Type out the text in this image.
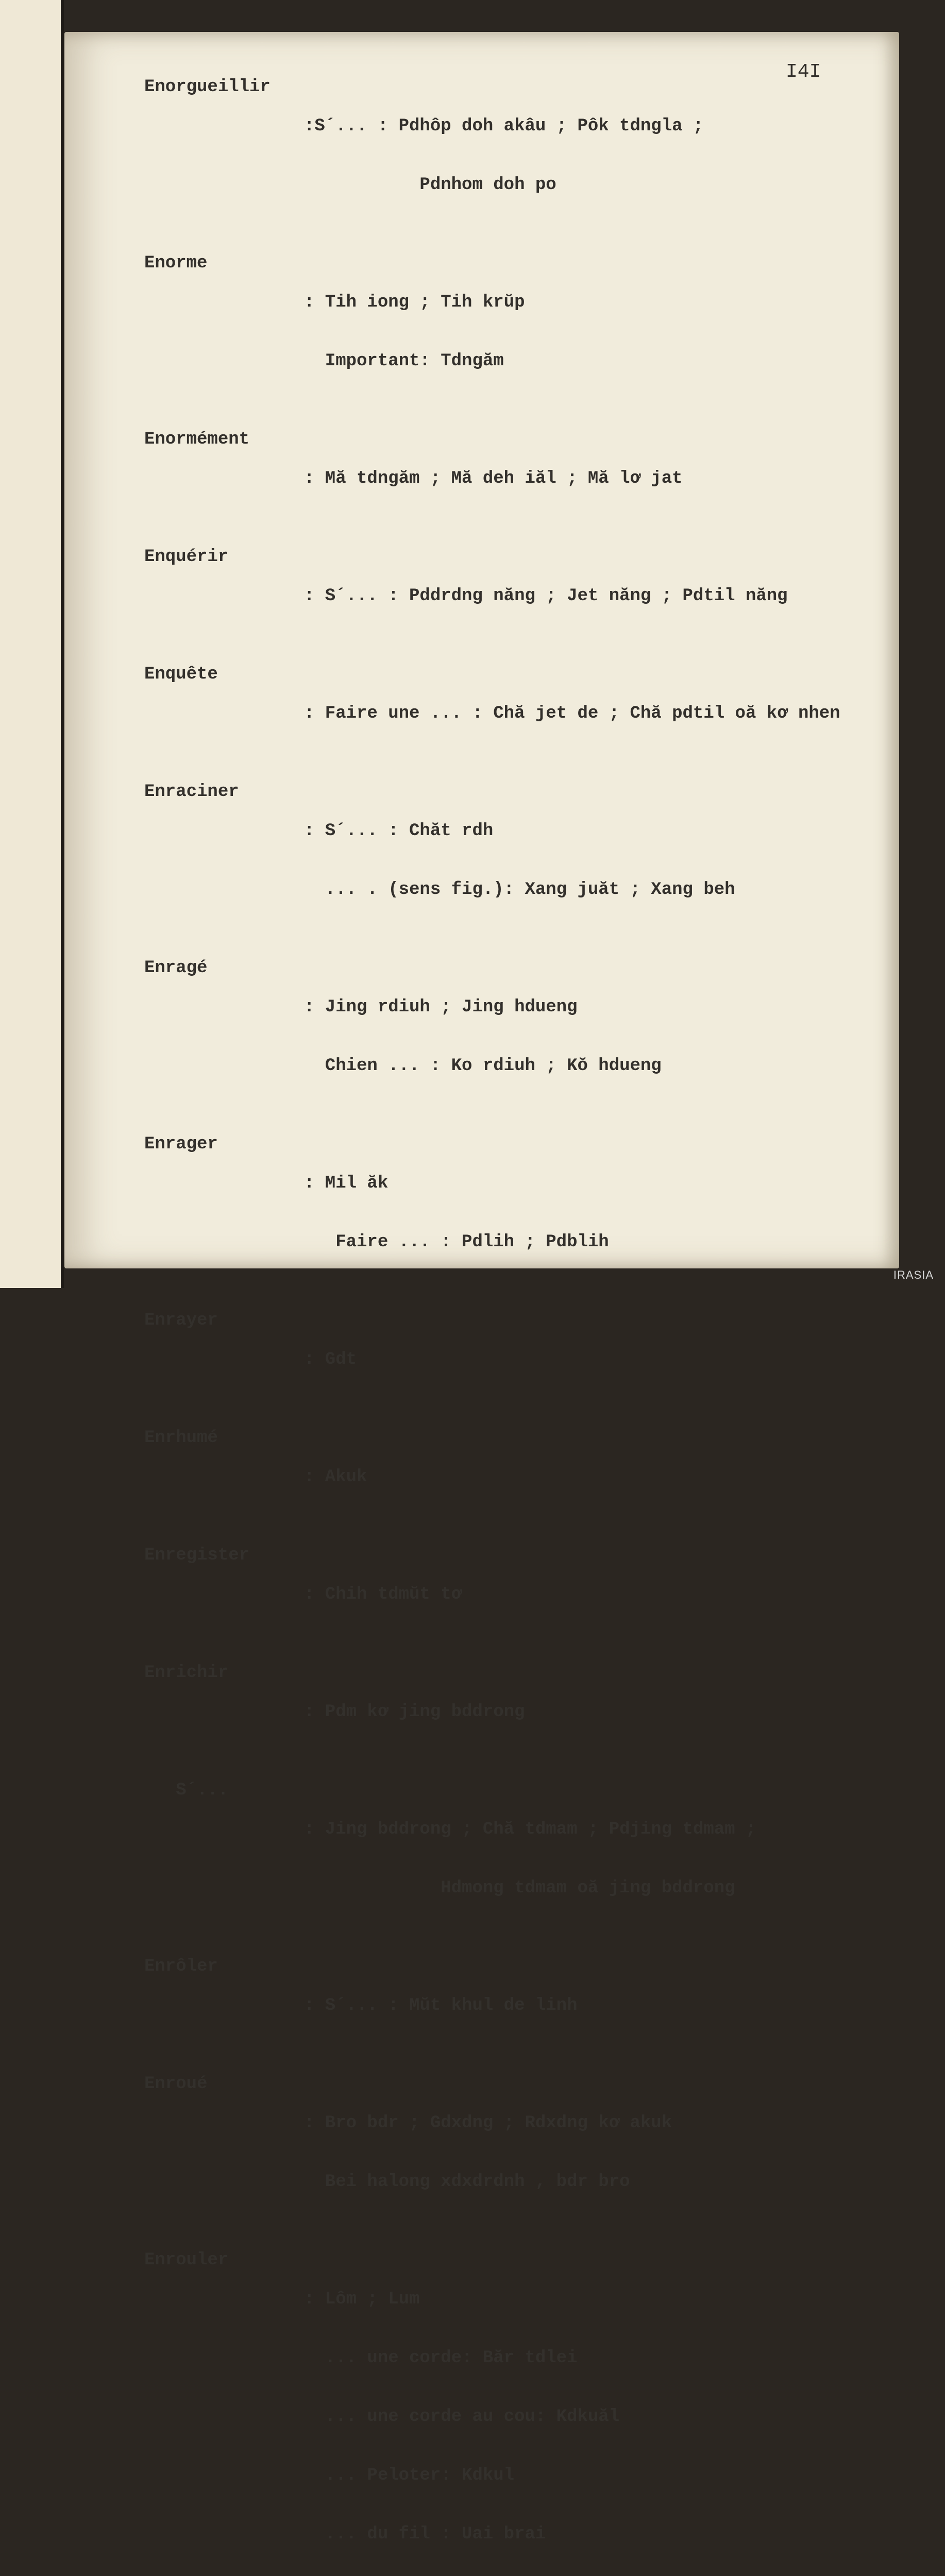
I4I
Enorgueillir

:S´... : Pdhôp doh akâu ; Pôk tdngla ;

Pdnhom doh po

Enorme

: Tih iong ; Tih krŭp

Important: Tdngăm

Enormément

: Mă tdngăm ; Mă deh iăl ; Mă lơ jat

Enquérir

: S´... : Pddrdng năng ; Jet năng ; Pdtil năng

Enquête

: Faire une ... : Chă jet de ; Chă pdtil oă kơ nhen

Enraciner

: S´... : Chăt rdh

... . (sens fig.): Xang juăt ; Xang beh

Enragé

: Jing rdiuh ; Jing hdueng

Chien ... : Ko rdiuh ; Kŏ hdueng

Enrager

: Mil ăk

Faire ... : Pdlih ; Pdblih

Enrayer

: Gdt

Enrhumé

: Akuk

Enregister

: Chih tdmŭt tơ

Enrichir

: Pdm kơ jing bddrong

S´...

: Jing bddrong ; Chă tdmam ; Pdjing tdmam ;

Hdmong tdmam oă jing bddrong

Enrôler

: S´... : Mŭt khul de linh

Enroué

: Bro bdr ; Gdxdng ; Rdxdng kơ akuk

Bei halong xdxdrdnh , bdr bro

Enrouler

: Lôm ; Lum

... une corde: Băr tdlei

... une corde au cou: Kdkuăl

... Peloter: Kdkul

... du fil : Uai brai

IRASIA
